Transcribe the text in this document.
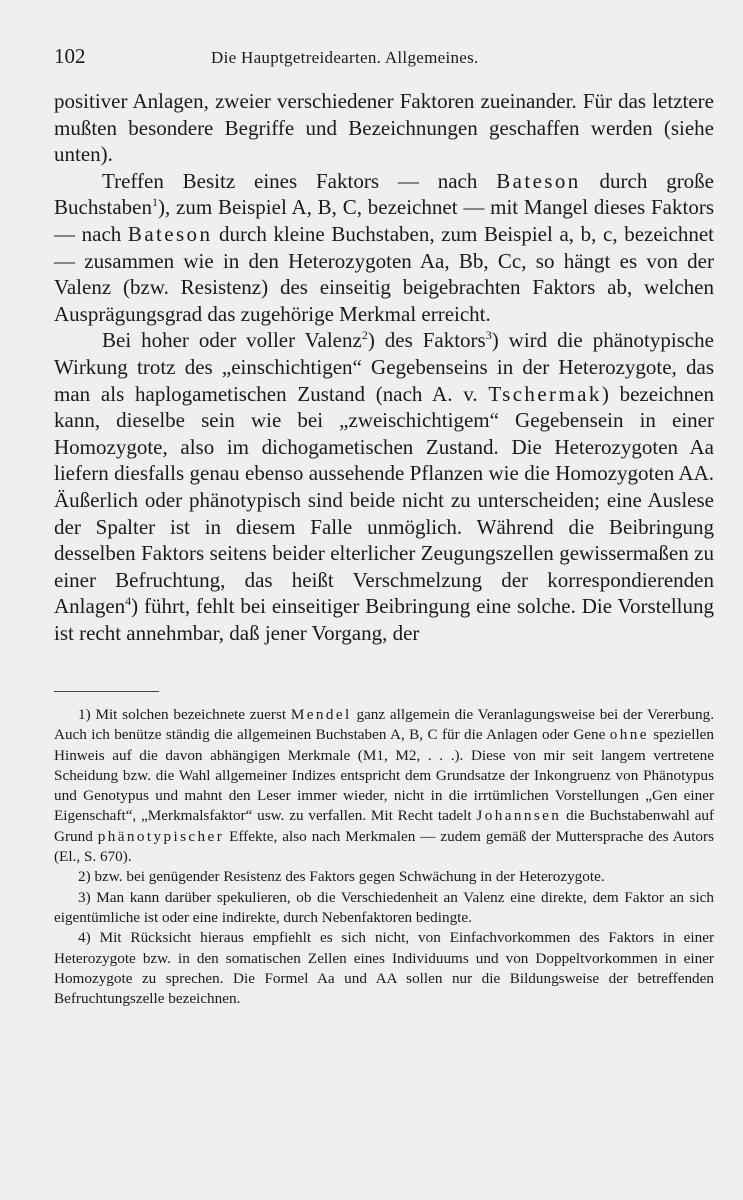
102	Die Hauptgetreidearten. Allgemeines.

positiver Anlagen, zweier verschiedener Faktoren zueinander. Für das letztere mußten besondere Begriffe und Bezeichnungen geschaffen werden (siehe unten).

Treffen Besitz eines Faktors — nach Bateson durch große Buchstaben$^1$), zum Beispiel A, B, C, bezeichnet — mit Mangel dieses Faktors — nach Bateson durch kleine Buchstaben, zum Beispiel a, b, c, bezeichnet — zusammen wie in den Heterozygoten Aa, Bb, Cc, so hängt es von der Valenz (bzw. Resistenz) des einseitig beigebrachten Faktors ab, welchen Ausprägungsgrad das zugehörige Merkmal erreicht.

Bei hoher oder voller Valenz$^2$) des Faktors$^3$) wird die phänotypische Wirkung trotz des „einschichtigen“ Gegebenseins in der Heterozygote, das man als haplogametischen Zustand (nach A. v. Tschermak) bezeichnen kann, dieselbe sein wie bei „zweischichtigem“ Gegebensein in einer Homozygote, also im dichogametischen Zustand. Die Heterozygoten Aa liefern diesfalls genau ebenso aussehende Pflanzen wie die Homozygoten AA. Äußerlich oder phänotypisch sind beide nicht zu unterscheiden; eine Auslese der Spalter ist in diesem Falle unmöglich. Während die Beibringung desselben Faktors seitens beider elterlicher Zeugungszellen gewissermaßen zu einer Befruchtung, das heißt Verschmelzung der korrespondierenden Anlagen$^4$) führt, fehlt bei einseitiger Beibringung eine solche. Die Vorstellung ist recht annehmbar, daß jener Vorgang, der

1) Mit solchen bezeichnete zuerst Mendel ganz allgemein die Veranlagungsweise bei der Vererbung. Auch ich benütze ständig die allgemeinen Buchstaben A, B, C für die Anlagen oder Gene ohne speziellen Hinweis auf die davon abhängigen Merkmale (M1, M2, . . .). Diese von mir seit langem vertretene Scheidung bzw. die Wahl allgemeiner Indizes entspricht dem Grundsatze der Inkongruenz von Phänotypus und Genotypus und mahnt den Leser immer wieder, nicht in die irrtümlichen Vorstellungen „Gen einer Eigenschaft“, „Merkmalsfaktor“ usw. zu verfallen. Mit Recht tadelt Johannsen die Buchstabenwahl auf Grund phänotypischer Effekte, also nach Merkmalen — zudem gemäß der Muttersprache des Autors (El., S. 670).

2) bzw. bei genügender Resistenz des Faktors gegen Schwächung in der Heterozygote.

3) Man kann darüber spekulieren, ob die Verschiedenheit an Valenz eine direkte, dem Faktor an sich eigentümliche ist oder eine indirekte, durch Nebenfaktoren bedingte.

4) Mit Rücksicht hieraus empfiehlt es sich nicht, von Einfachvorkommen des Faktors in einer Heterozygote bzw. in den somatischen Zellen eines Individuums und von Doppeltvorkommen in einer Homozygote zu sprechen. Die Formel Aa und AA sollen nur die Bildungsweise der betreffenden Befruchtungszelle bezeichnen.
